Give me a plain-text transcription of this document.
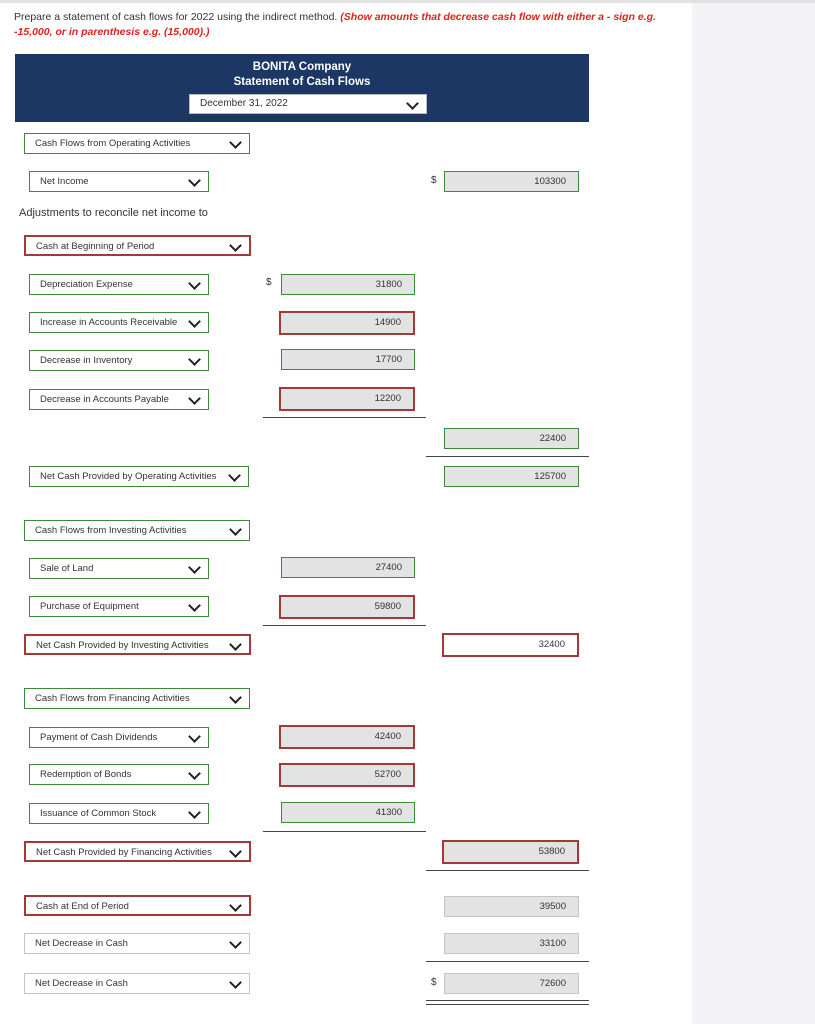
Prepare a statement of cash flows for 2022 using the indirect method. (Show amounts that decrease cash flow with either a - sign e.g. -15,000, or in parenthesis e.g. (15,000).)
BONITA Company
Statement of Cash Flows
December 31, 2022
Cash Flows from Operating Activities
Net Income	$	103300
Adjustments to reconcile net income to
Cash at Beginning of Period
Depreciation Expense	$	31800
Increase in Accounts Receivable	14900
Decrease in Inventory	17700
Decrease in Accounts Payable	12200
22400
Net Cash Provided by Operating Activities	125700
Cash Flows from Investing Activities
Sale of Land	27400
Purchase of Equipment	59800
Net Cash Provided by Investing Activities	32400
Cash Flows from Financing Activities
Payment of Cash Dividends	42400
Redemption of Bonds	52700
Issuance of Common Stock	41300
Net Cash Provided by Financing Activities	53800
Cash at End of Period	39500
Net Decrease in Cash	33100
Net Decrease in Cash	$	72600
